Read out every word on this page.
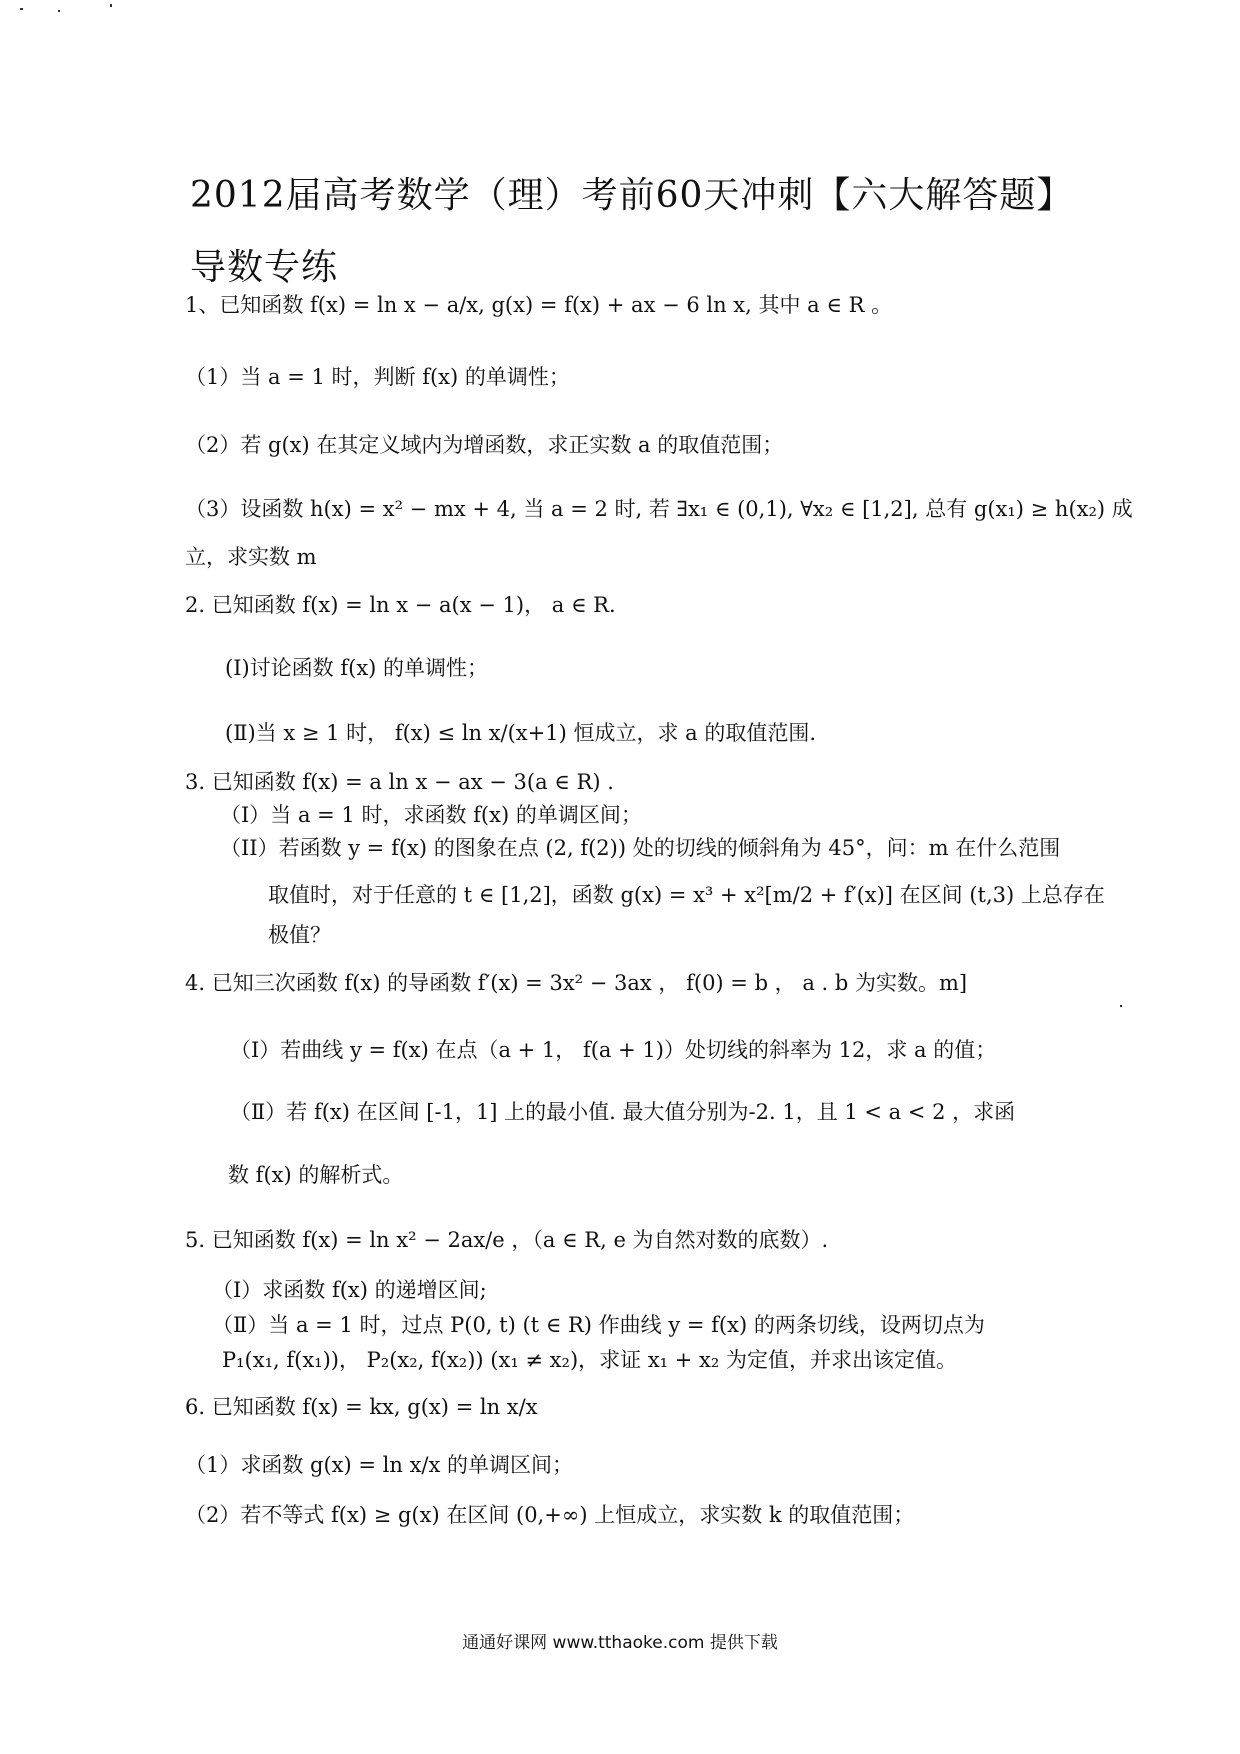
2012届高考数学（理）考前60天冲刺【六大解答题】导数专练
1、已知函数 f(x) = ln x − a/x, g(x) = f(x) + ax − 6 ln x, 其中 a ∈ R 。
（1）当 a = 1 时，判断 f(x) 的单调性；
（2）若 g(x) 在其定义域内为增函数，求正实数 a 的取值范围；
（3）设函数 h(x) = x² − mx + 4, 当 a = 2 时, 若 ∃x₁ ∈ (0,1), ∀x₂ ∈ [1,2], 总有 g(x₁) ≥ h(x₂) 成
立，求实数 m
2. 已知函数 f(x) = ln x − a(x − 1)， a ∈ R.
(Ⅰ)讨论函数 f(x) 的单调性；
(Ⅱ)当 x ≥ 1 时， f(x) ≤ ln x/(x+1) 恒成立，求 a 的取值范围.
3. 已知函数 f(x) = a ln x − ax − 3(a ∈ R) .
（I）当 a = 1 时，求函数 f(x) 的单调区间；
（II）若函数 y = f(x) 的图象在点 (2, f(2)) 处的切线的倾斜角为 45°，问：m 在什么范围
取值时，对于任意的 t ∈ [1,2]，函数 g(x) = x³ + x²[m/2 + f′(x)] 在区间 (t,3) 上总存在
极值？
4. 已知三次函数 f(x) 的导函数 f′(x) = 3x² − 3ax ， f(0) = b ， a . b 为实数。m]
（Ⅰ）若曲线 y = f(x) 在点（a + 1， f(a + 1)）处切线的斜率为 12，求 a 的值；
（Ⅱ）若 f(x) 在区间 [-1，1] 上的最小值. 最大值分别为-2. 1，且 1 < a < 2 ，求函
数 f(x) 的解析式。
5. 已知函数 f(x) = ln x² − 2ax/e ，（a ∈ R, e 为自然对数的底数）.
（Ⅰ）求函数 f(x) 的递增区间;
（Ⅱ）当 a = 1 时，过点 P(0, t) (t ∈ R) 作曲线 y = f(x) 的两条切线，设两切点为
P₁(x₁, f(x₁))， P₂(x₂, f(x₂)) (x₁ ≠ x₂)，求证 x₁ + x₂ 为定值，并求出该定值。
6. 已知函数 f(x) = kx, g(x) = ln x/x
（1）求函数 g(x) = ln x/x 的单调区间；
（2）若不等式 f(x) ≥ g(x) 在区间 (0,+∞) 上恒成立，求实数 k 的取值范围；
通通好课网 www.tthaoke.com 提供下载
